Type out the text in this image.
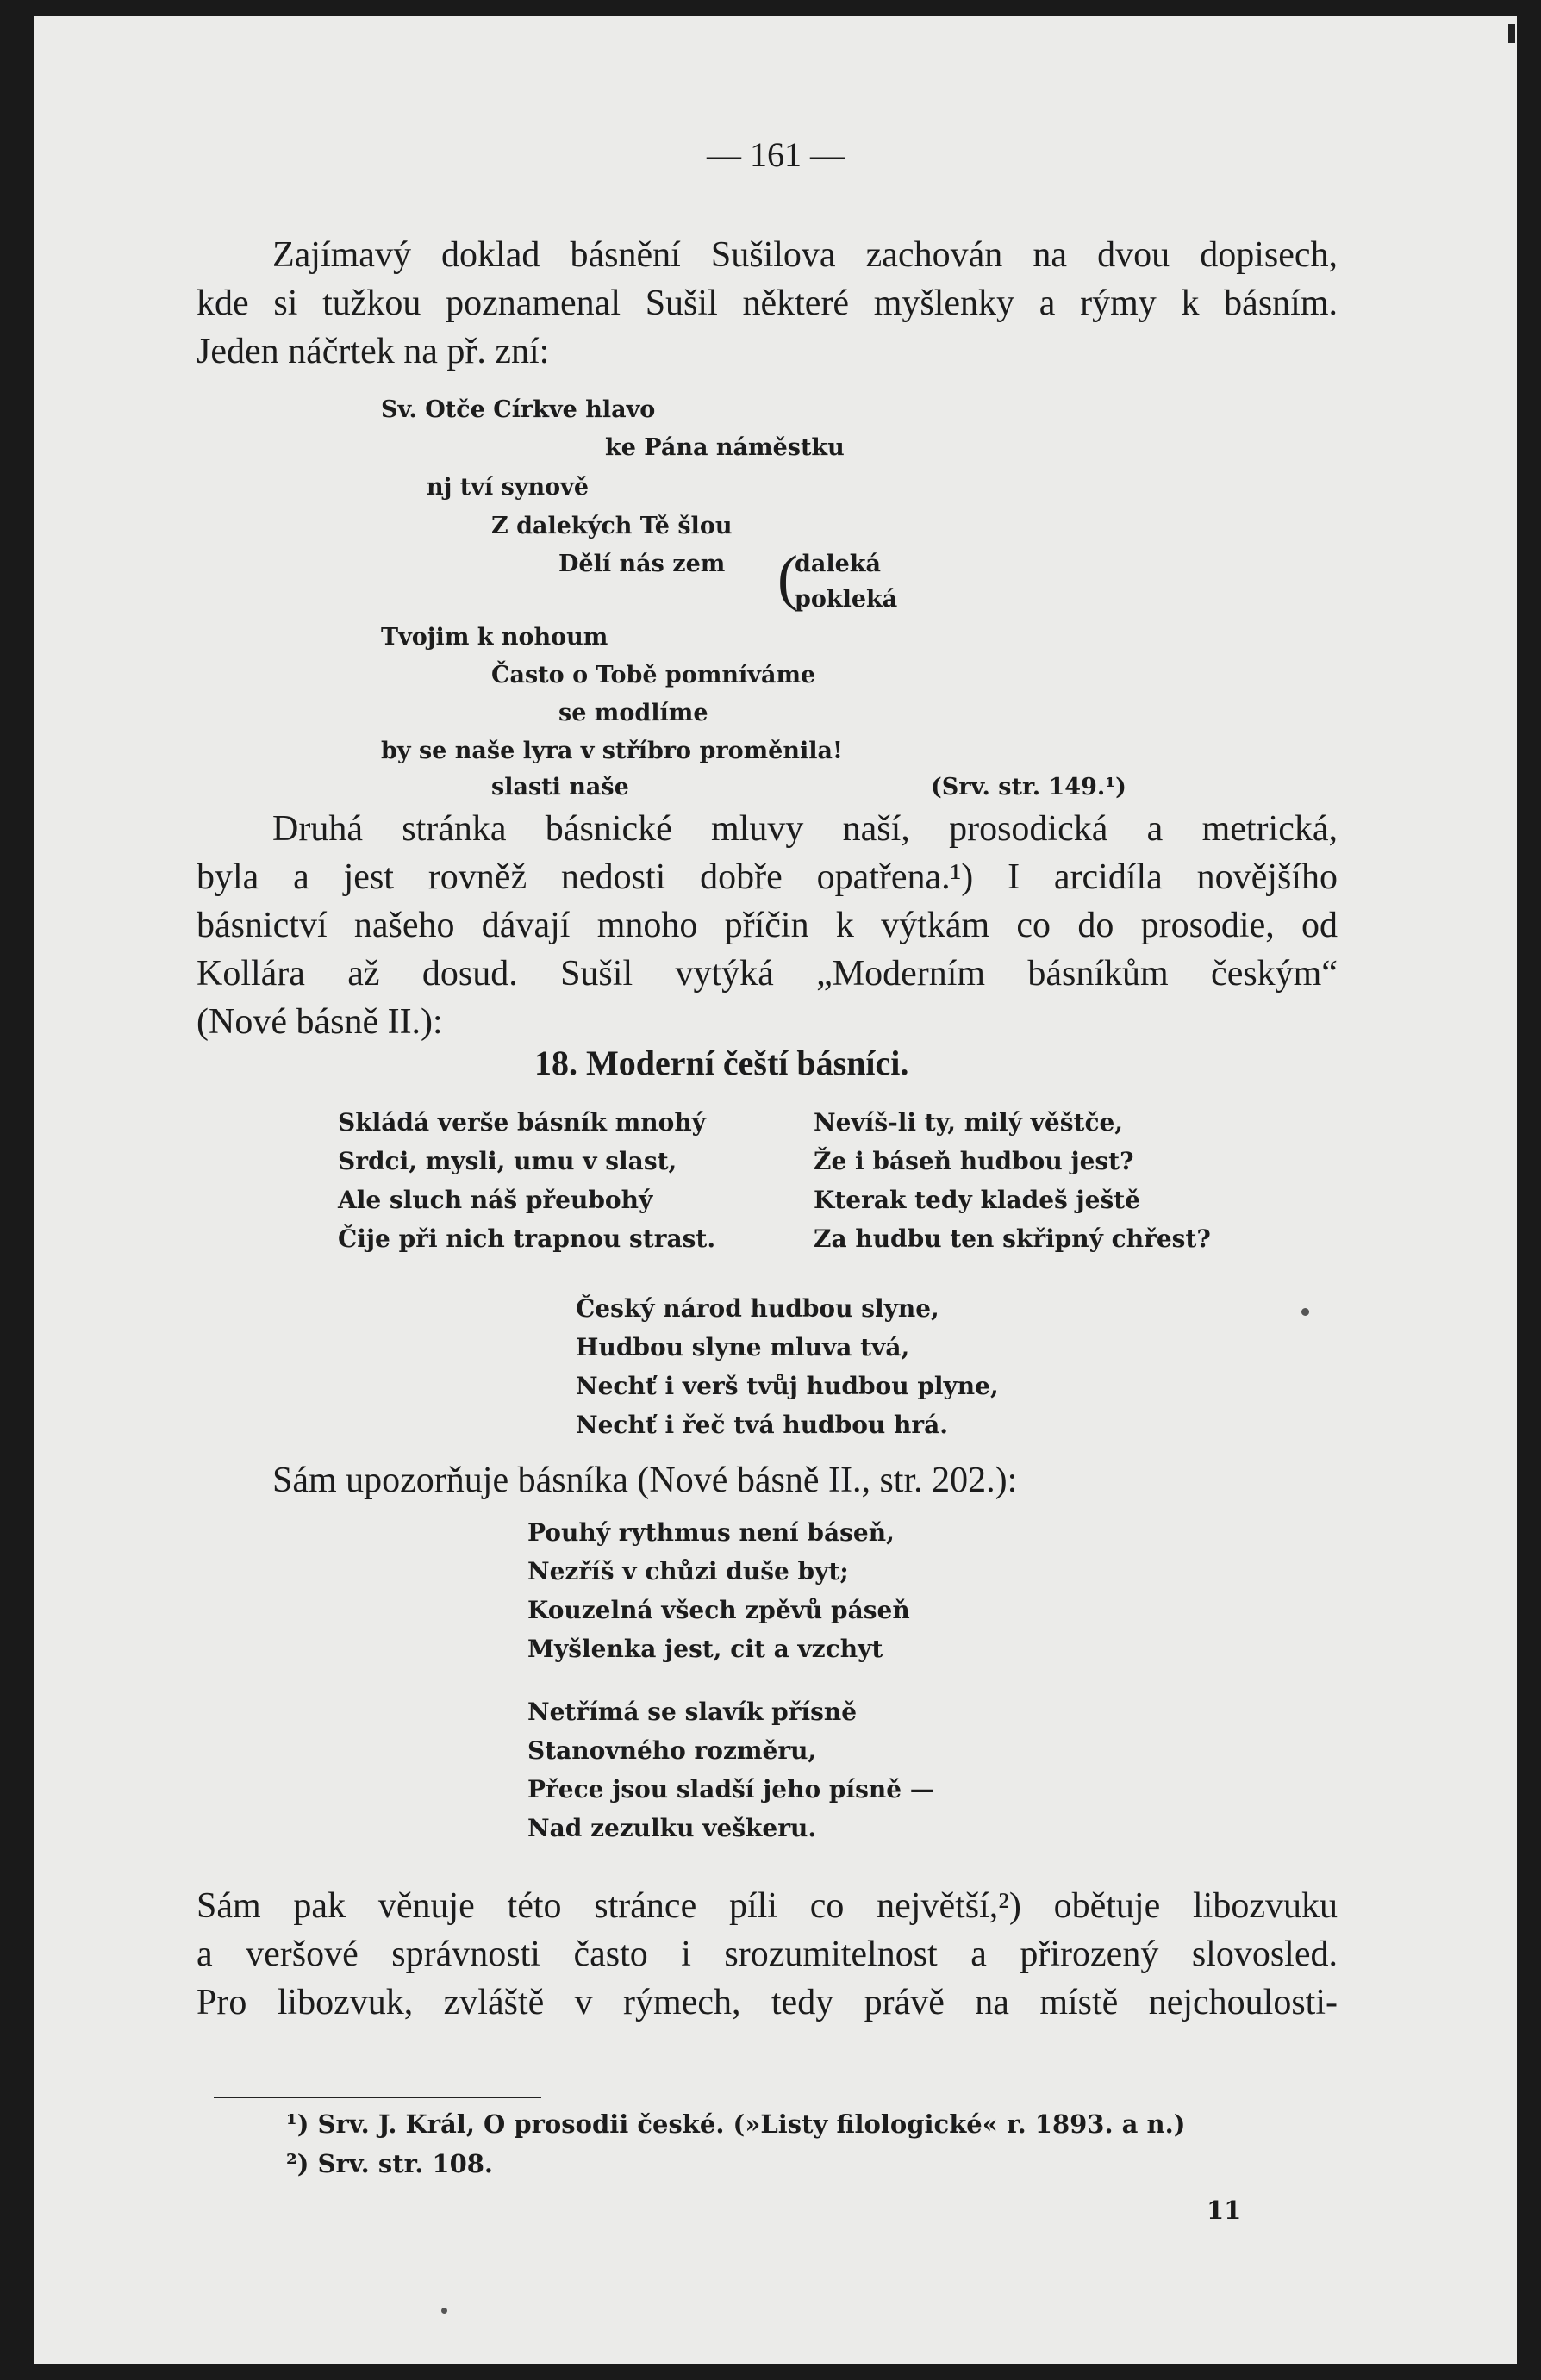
— 161 —
Zajímavý doklad básnění Sušilova zachován na dvou dopisech,
kde si tužkou poznamenal Sušil některé myšlenky a rýmy k básním.
Jeden náčrtek na př. zní:
Sv. Otče Církve hlavo
ke Pána náměstku
nj tví synově
Z dalekých Tě šlou
Dělí nás zem (
daleká
pokleká
Tvojim k nohoum
Často o Tobě pomníváme
se modlíme
by se naše lyra v stříbro proměnila!
slasti naše	(Srv. str. 149.¹)
Druhá stránka básnické mluvy naší, prosodická a metrická,
byla a jest rovněž nedosti dobře opatřena.¹) I arcidíla novějšího
básnictví našeho dávají mnoho příčin k výtkám co do prosodie, od
Kollára až dosud. Sušil vytýká „Moderním básníkům českým“
(Nové básně II.):
18. Moderní čeští básníci.
Skládá verše básník mnohý
Srdci, mysli, umu v slast,
Ale sluch náš přeubohý
Čije při nich trapnou strast.
Nevíš-li ty, milý věštče,
Že i báseň hudbou jest?
Kterak tedy kladeš ještě
Za hudbu ten skřipný chřest?
Český národ hudbou slyne,
Hudbou slyne mluva tvá,
Nechť i verš tvůj hudbou plyne,
Nechť i řeč tvá hudbou hrá.
Sám upozorňuje básníka (Nové básně II., str. 202.):
Pouhý rythmus není báseň,
Nezříš v chůzi duše byt;
Kouzelná všech zpěvů páseň
Myšlenka jest, cit a vzchyt
Netřímá se slavík přísně
Stanovného rozměru,
Přece jsou sladší jeho písně —
Nad zezulku veškeru.
Sám pak věnuje této stránce píli co největší,²) obětuje libozvuku
a veršové správnosti často i srozumitelnost a přirozený slovosled.
Pro libozvuk, zvláště v rýmech, tedy právě na místě nejchoulosti-
¹) Srv. J. Král, O prosodii české. (»Listy filologické« r. 1893. a n.)
²) Srv. str. 108.
11
